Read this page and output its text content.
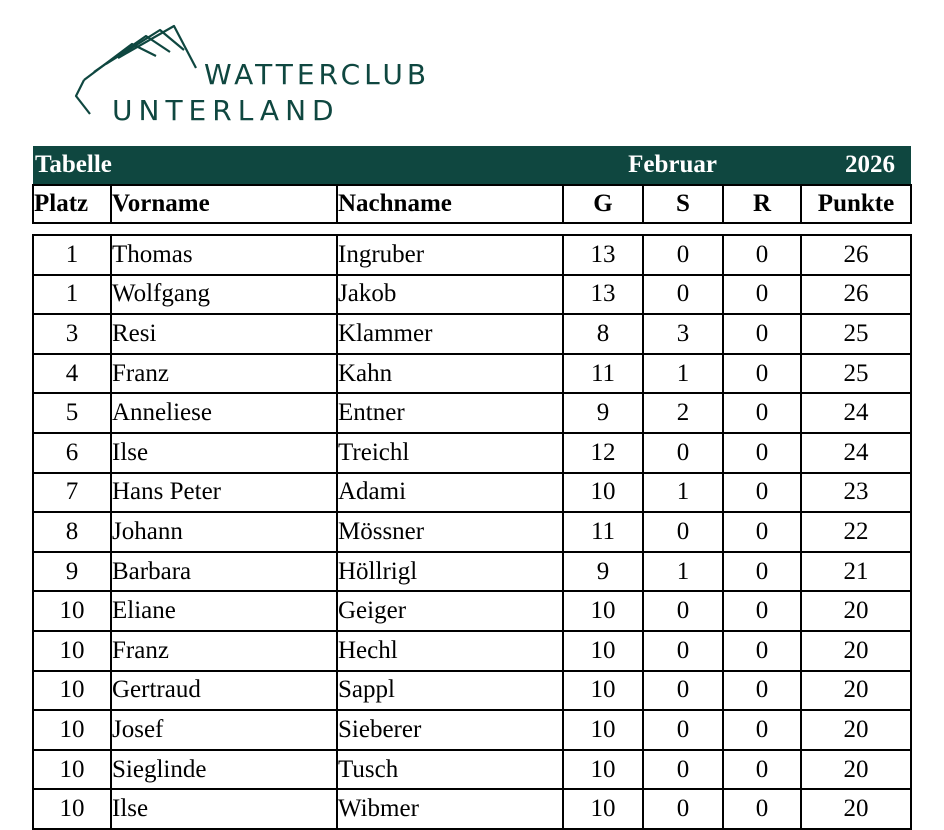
WATTERCLUB
UNTERLAND
Tabelle		Februar				2026
Platz	Vorname	Nachname	G	S	R	Punkte

1	Thomas	Ingruber	13	0	0	26
1	Wolfgang	Jakob	13	0	0	26
3	Resi	Klammer	8	3	0	25
4	Franz	Kahn	11	1	0	25
5	Anneliese	Entner	9	2	0	24
6	Ilse	Treichl	12	0	0	24
7	Hans Peter	Adami	10	1	0	23
8	Johann	Mössner	11	0	0	22
9	Barbara	Höllrigl	9	1	0	21
10	Eliane	Geiger	10	0	0	20
10	Franz	Hechl	10	0	0	20
10	Gertraud	Sappl	10	0	0	20
10	Josef	Sieberer	10	0	0	20
10	Sieglinde	Tusch	10	0	0	20
10	Ilse	Wibmer	10	0	0	20
